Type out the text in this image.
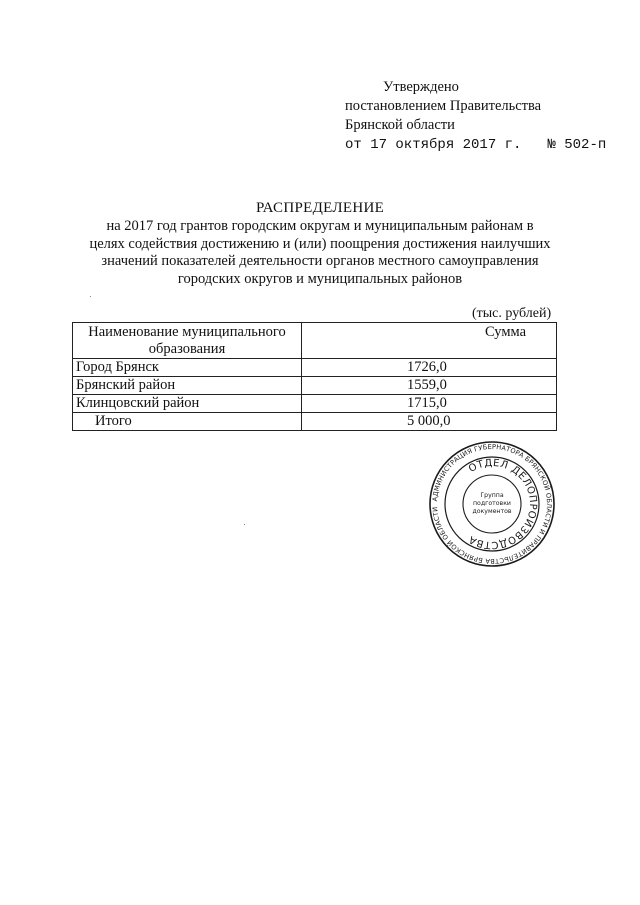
Утверждено
постановлением Правительства
Брянской области
от 17 октября 2017 г. № 502-п
РАСПРЕДЕЛЕНИЕ
на 2017 год грантов городским округам и муниципальным районам в
целях содействия достижению и (или) поощрения достижения наилучших
значений показателей деятельности органов местного самоуправления
городских округов и муниципальных районов
(тыс. рублей)
Наименование муниципального
образования	Сумма
Город Брянск	1726,0
Брянский район	1559,0
Клинцовский район	1715,0
Итого	5 000,0
АДМИНИСТРАЦИЯ ГУБЕРНАТОРА БРЯНСКОЙ ОБЛАСТИ И ПРАВИТЕЛЬСТВА БРЯНСКОЙ ОБЛАСТИ
ОТДЕЛ ДЕЛОПРОИЗВОДСТВА
Группа
подготовки
документов
